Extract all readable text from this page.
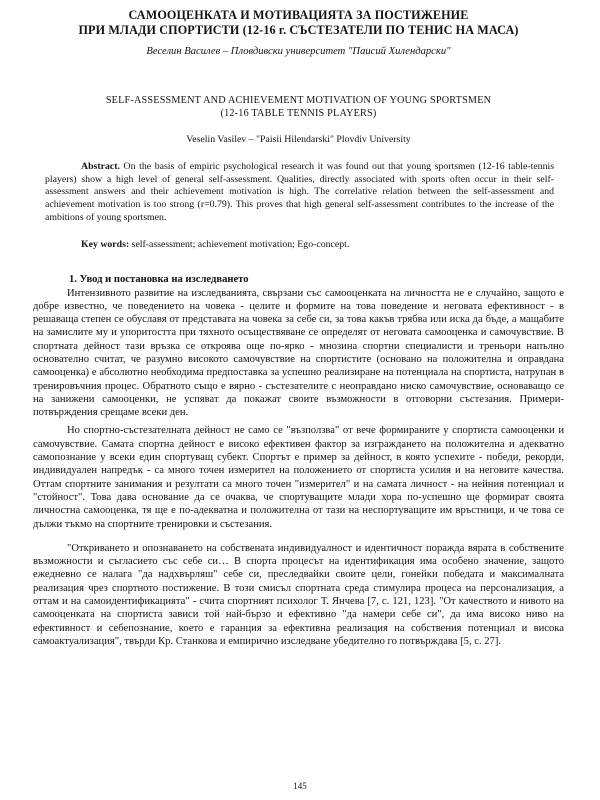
САМООЦЕНКАТА И МОТИВАЦИЯТА ЗА ПОСТИЖЕНИЕ
ПРИ МЛАДИ СПОРТИСТИ (12-16 г. СЪСТЕЗАТЕЛИ ПО ТЕНИС НА МАСА)
Веселин Василев – Пловдивски университет "Паисий Хилендарски"
SELF-ASSESSMENT AND ACHIEVEMENT MOTIVATION OF YOUNG SPORTSMEN
(12-16 TABLE TENNIS PLAYERS)
Veselin Vasilev – "Paisii Hilendarski" Plovdiv University

Abstract. On the basis of empiric psychological research it was found out that young sportsmen (12-16 table-tennis players) show a high level of general self-assessment. Qualities, directly associated with sports often occur in their self-assessment answers and their achievement motivation is high. The correlative relation between the self-assessment and achievement motivation is too strong (r=0.79). This proves that high general self-assessment contributes to the increase of the ambitions of young sportsmen.

Key words: self-assessment; achievement motivation; Ego-concept.

1. Увод и постановка на изследването

Интензивното развитие на изследванията, свързани със самооценката на личността не е случайно, защото е добре известно, че поведението на човека - целите и формите на това поведение и неговата ефективност - в решаваща степен се обуславя от представата на човека за себе си, за това какъв трябва или иска да бъде, а мащабите на замислите му и упоритостта при тяхното осъществяване се определят от неговата самооценка и самочувствие. В спортната дейност тази връзка се откроява още по-ярко - мнозина спортни специалисти и треньори напълно основателно считат, че разумно високото самочувствие на спортистите (основано на положителна и оправдана самооценка) е абсолютно необходима предпоставка за успешно реализиране на потенциала на спортиста, натрупан в тренировъчния процес. Обратното също е вярно - състезателите с неоправдано ниско самочувствие, основаващо се на занижени самооценки, не успяват да покажат своите възможности в отговорни състезания. Примери-потвърждения срещаме всеки ден.

Но спортно-състезателната дейност не само се "възползва" от вече формираните у спортиста самооценки и самочувствие. Самата спортна дейност е високо ефективен фактор за изграждането на положителна и адекватно самопознание у всеки един спортуващ субект. Спортът е пример за дейност, в която успехите - победи, рекорди, индивидуален напредък - са много точен измерител на положението от спортиста усилия и на неговите качества. Оттам спортните занимания и резултати са много точен "измерител" и на самата личност - на нейния потенциал и "стойност". Това дава основание да се очаква, че спортуващите млади хора по-успешно ще формират своята личностна самооценка, тя ще е по-адекватна и положителна от тази на неспортуващите им връстници, и че това се дължи тъкмо на спортните тренировки и състезания.

"Откриването и опознаването на собствената индивидуалност и идентичност поражда вярата в собствените възможности и съгласието със себе си… В спорта процесът на идентификация има особено значение, защото ежедневно се налага "да надхвърляш" себе си, преследвайки своите цели, гонейки победата и максималната реализация чрез спортното постижение. В този смисъл спортната среда стимулира процеса на персонализация, а оттам и на самоидентификацията" - счита спортният психолог Т. Янчева [7, с. 121, 123]. "От качеството и нивото на самооценката на спортиста зависи той най-бързо и ефективно "да намери себе си", да има високо ниво на ефективност и себепознание, което е гаранция за ефективна реализация на собствения потенциал и висока самоактуализация", твърди Кр. Станкова и емпирично изследване убедително го потвърждава [5, с. 27].

145
